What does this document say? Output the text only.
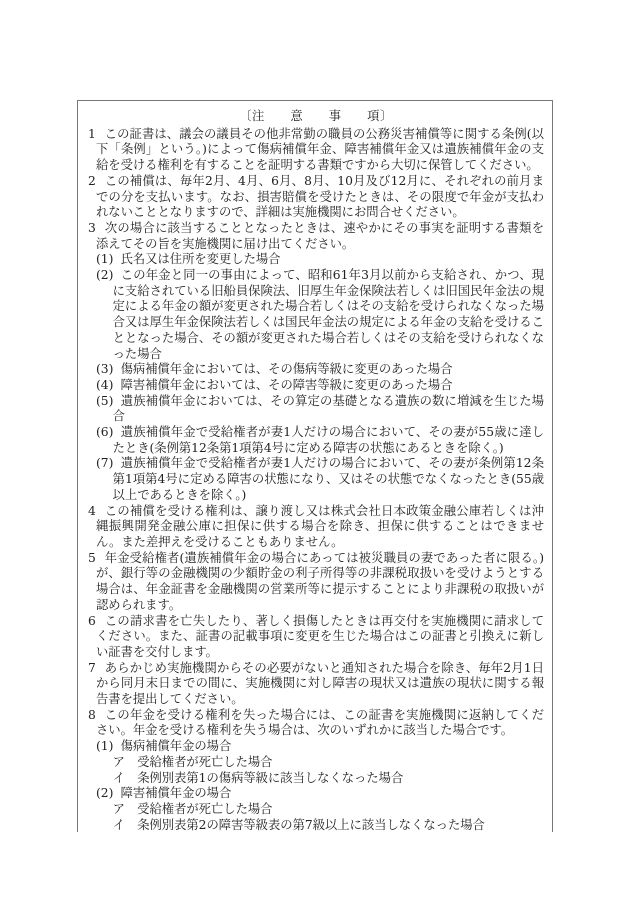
〔注　　意　　事　　項〕
1 この証書は、議会の議員その他非常勤の職員の公務災害補償等に関する条例(以下「条例」という。)によって傷病補償年金、障害補償年金又は遺族補償年金の支給を受ける権利を有することを証明する書類ですから大切に保管してください。
2 この補償は、毎年2月、4月、6月、8月、10月及び12月に、それぞれの前月までの分を支払います。なお、損害賠償を受けたときは、その限度で年金が支払われないこととなりますので、詳細は実施機関にお問合せください。
3 次の場合に該当することとなったときは、速やかにその事実を証明する書類を添えてその旨を実施機関に届け出てください。
(1) 氏名又は住所を変更した場合
(2) この年金と同一の事由によって、昭和61年3月以前から支給され、かつ、現に支給されている旧船員保険法、旧厚生年金保険法若しくは旧国民年金法の規定による年金の額が変更された場合若しくはその支給を受けられなくなった場合又は厚生年金保険法若しくは国民年金法の規定による年金の支給を受けることとなった場合、その額が変更された場合若しくはその支給を受けられなくなった場合
(3) 傷病補償年金においては、その傷病等級に変更のあった場合
(4) 障害補償年金においては、その障害等級に変更のあった場合
(5) 遺族補償年金においては、その算定の基礎となる遺族の数に増減を生じた場合
(6) 遺族補償年金で受給権者が妻1人だけの場合において、その妻が55歳に達したとき(条例第12条第1項第4号に定める障害の状態にあるときを除く。)
(7) 遺族補償年金で受給権者が妻1人だけの場合において、その妻が条例第12条第1項第4号に定める障害の状態になり、又はその状態でなくなったとき(55歳以上であるときを除く。)
4 この補償を受ける権利は、譲り渡し又は株式会社日本政策金融公庫若しくは沖縄振興開発金融公庫に担保に供する場合を除き、担保に供することはできません。また差押えを受けることもありません。
5 年金受給権者(遺族補償年金の場合にあっては被災職員の妻であった者に限る。)が、銀行等の金融機関の少額貯金の利子所得等の非課税取扱いを受けようとする場合は、年金証書を金融機関の営業所等に提示することにより非課税の取扱いが認められます。
6 この請求書を亡失したり、著しく損傷したときは再交付を実施機関に請求してください。また、証書の記載事項に変更を生じた場合はこの証書と引換えに新しい証書を交付します。
7 あらかじめ実施機関からその必要がないと通知された場合を除き、毎年2月1日から同月末日までの間に、実施機関に対し障害の現状又は遺族の現状に関する報告書を提出してください。
8 この年金を受ける権利を失った場合には、この証書を実施機関に返納してください。年金を受ける権利を失う場合は、次のいずれかに該当した場合です。
(1) 傷病補償年金の場合
ア 受給権者が死亡した場合
イ 条例別表第1の傷病等級に該当しなくなった場合
(2) 障害補償年金の場合
ア 受給権者が死亡した場合
イ 条例別表第2の障害等級表の第7級以上に該当しなくなった場合
